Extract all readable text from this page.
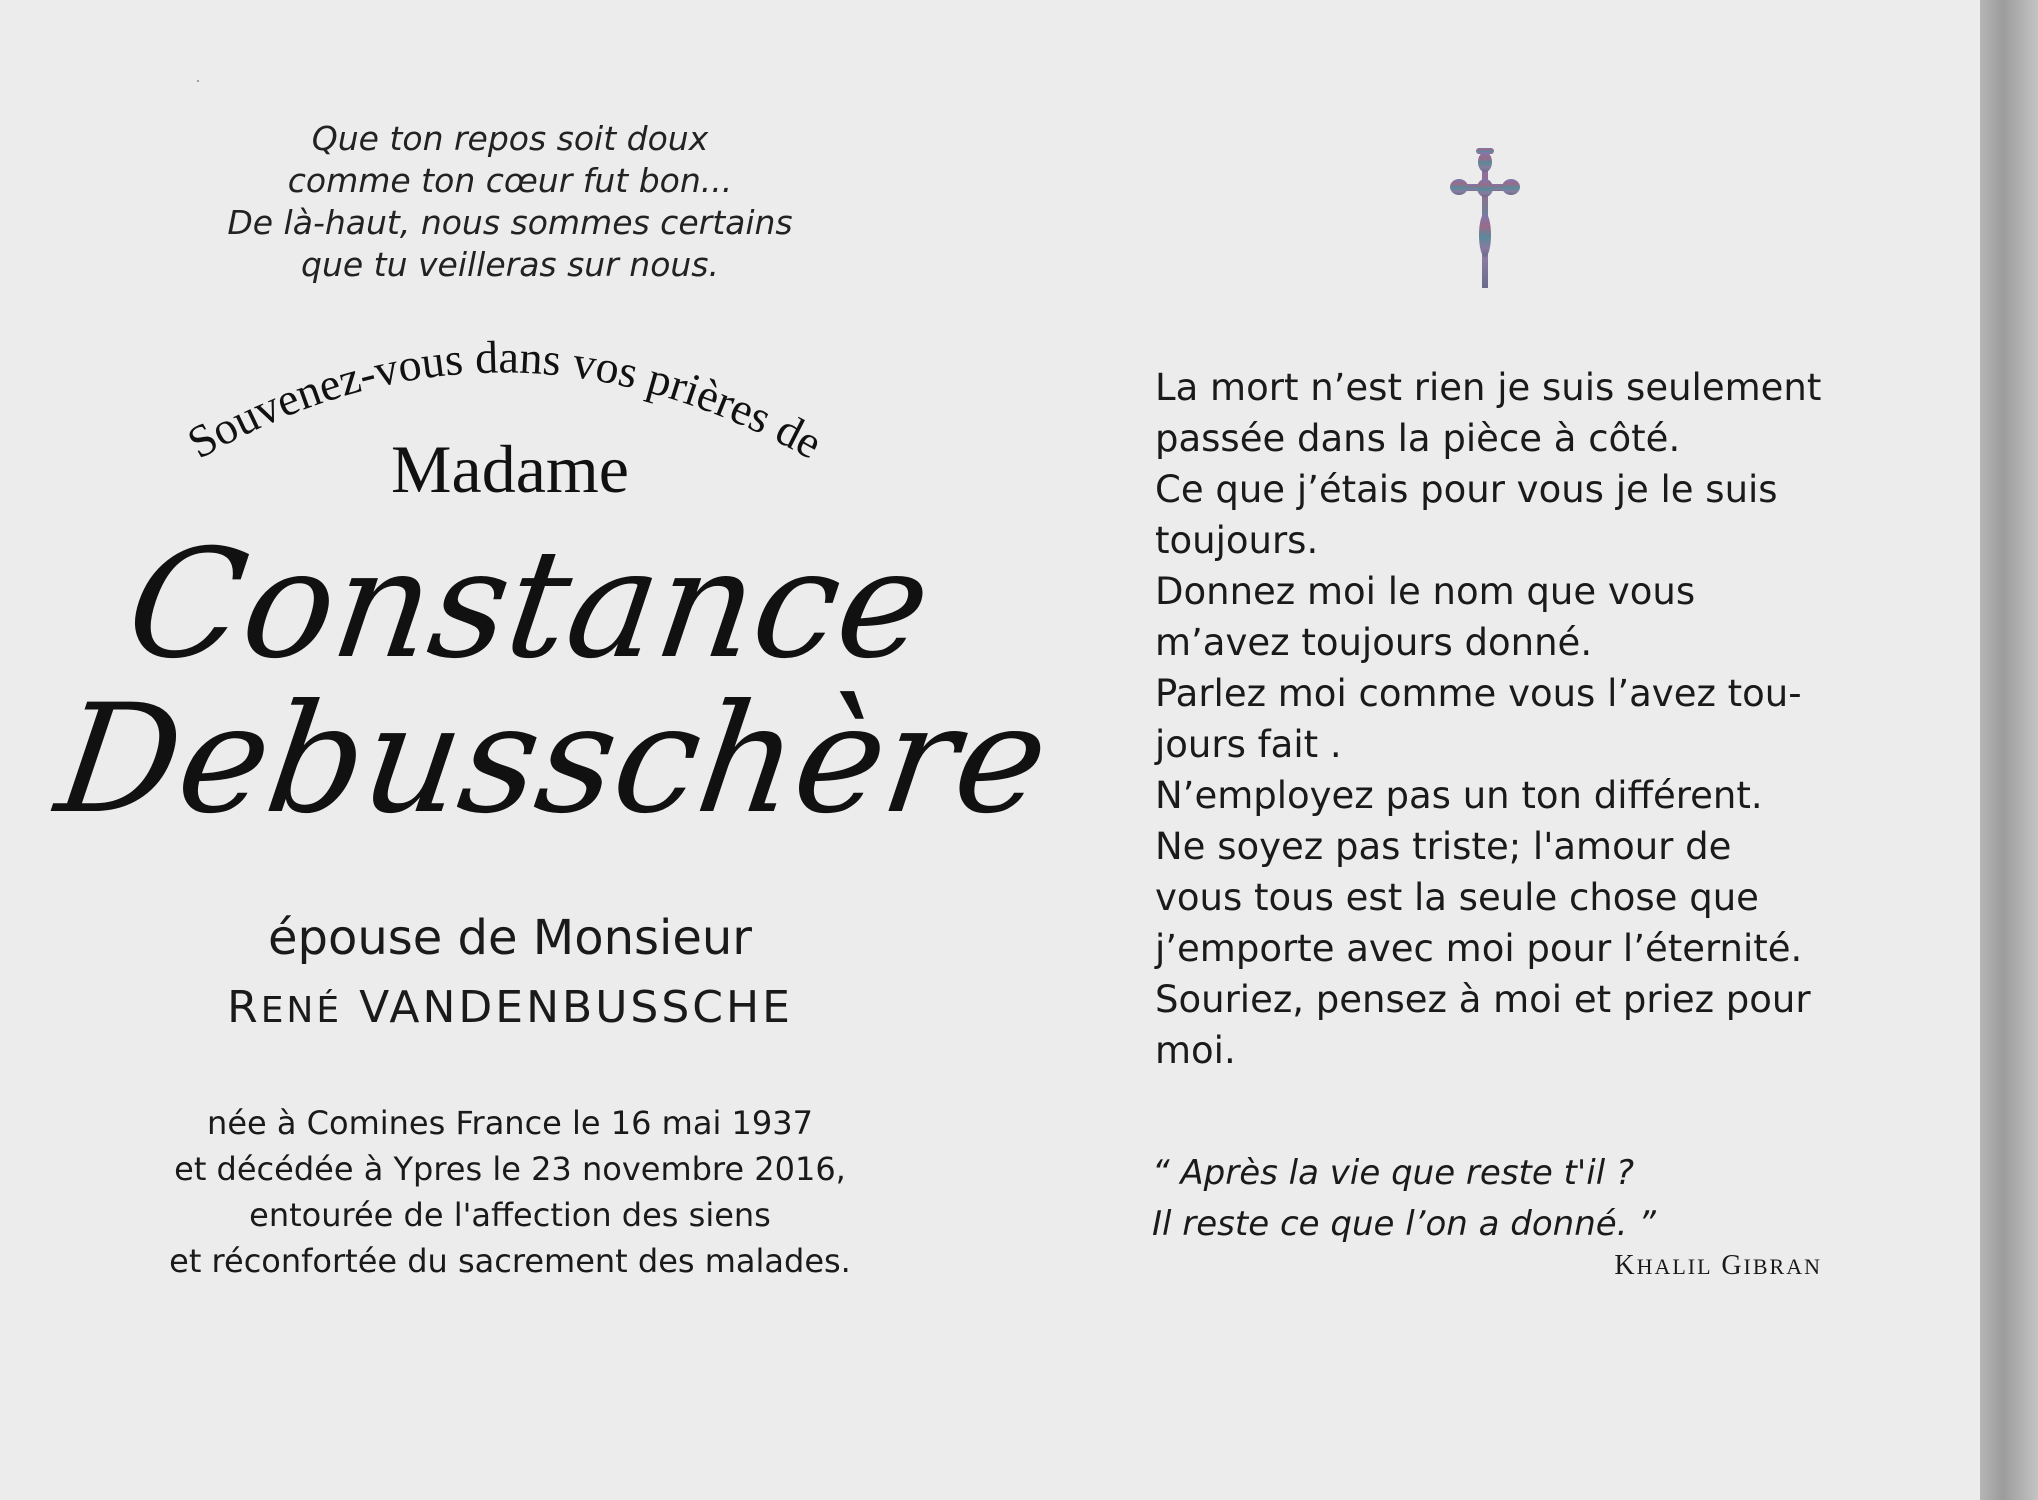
Que ton repos soit doux
comme ton cœur fut bon...
De là-haut, nous sommes certains
que tu veilleras sur nous.
Souvenez-vous dans vos prières de
Madame
Constance
Debusschère
épouse de Monsieur
RENÉ VANDENBUSSCHE
née à Comines France le 16 mai 1937
et décédée à Ypres le 23 novembre 2016,
entourée de l'affection des siens
et réconfortée du sacrement des malades.
La mort n’est rien je suis seulement
passée dans la pièce à côté.
Ce que j’étais pour vous je le suis
toujours.
Donnez moi le nom que vous
m’avez toujours donné.
Parlez moi comme vous l’avez tou-
jours fait .
N’employez pas un ton différent.
Ne soyez pas triste; l'amour de
vous tous est la seule chose que
j’emporte avec moi pour l’éternité.
Souriez, pensez à moi et priez pour
moi.
“ Après la vie que reste t'il ?
Il reste ce que l’on a donné. ”
KHALIL GIBRAN
